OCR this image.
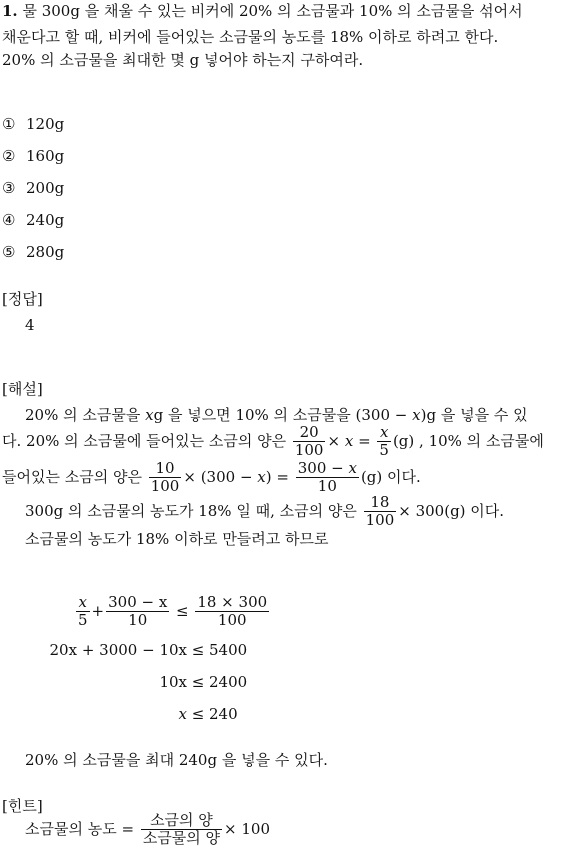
1. 물 300g 을 채울 수 있는 비커에 20% 의 소금물과 10% 의 소금물을 섞어서
채운다고 할 때, 비커에 들어있는 소금물의 농도를 18% 이하로 하려고 한다.
20% 의 소금물을 최대한 몇 g 넣어야 하는지 구하여라.
① 120g
② 160g
③ 200g
④ 240g
⑤ 280g
[정답]
4
[해설]
20% 의 소금물을 xg 을 넣으면 10% 의 소금물을 (300 − x)g 을 넣을 수 있
다. 20% 의 소금물에 들어있는 소금의 양은 $\frac{20}{100} \times x = \frac{x}{5} (g)$ , 10% 의 소금물에
들어있는 소금의 양은 $\frac{10}{100} \times (300 - x) = \frac{300 - x}{10} (g)$ 이다.
300g 의 소금물의 농도가 18% 일 때, 소금의 양은 $\frac{18}{100} \times 300(g)$ 이다.
소금물의 농도가 18% 이하로 만들려고 하므로
$\frac{x}{5} + \frac{300 - x}{10} \le \frac{18 \times 300}{100}$
20x + 3000 − 10x ≤ 5400
10x ≤ 2400
x ≤ 240
20% 의 소금물을 최대 240g 을 넣을 수 있다.
[힌트]
소금물의 농도 = $\frac{\text{소금의 양}}{\text{소금물의 양}} \times 100$
